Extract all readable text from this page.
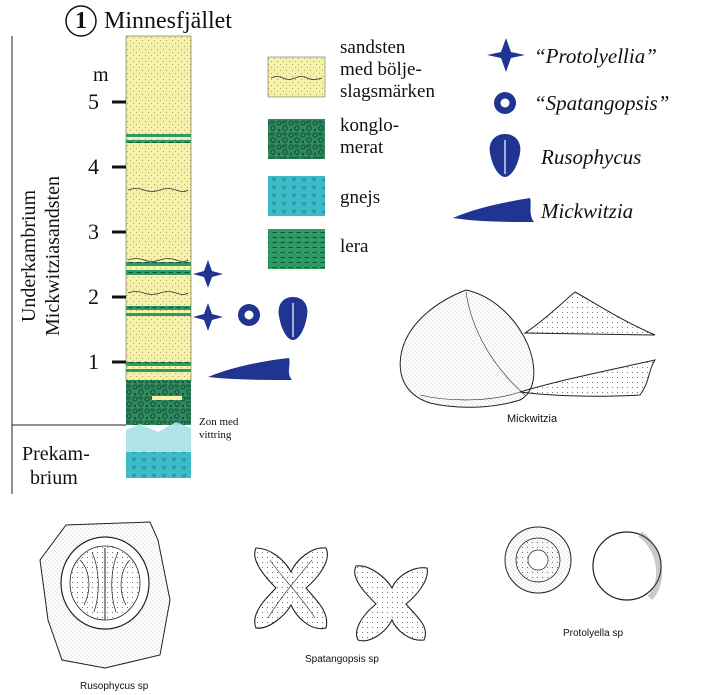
1 Minnesfjället
m
5
4
3
2
1
Underkambrium Mickwitziasandsten
Prekam-
brium
Zon med
vittring
sandsten
med bölje-
slagsmärken
konglo-
merat
gnejs
lera
“Protolyellia”
“Spatangopsis”
Rusophycus
Mickwitzia
Mickwitzia
Rusophycus sp
Spatangopsis sp
Protolyella sp
